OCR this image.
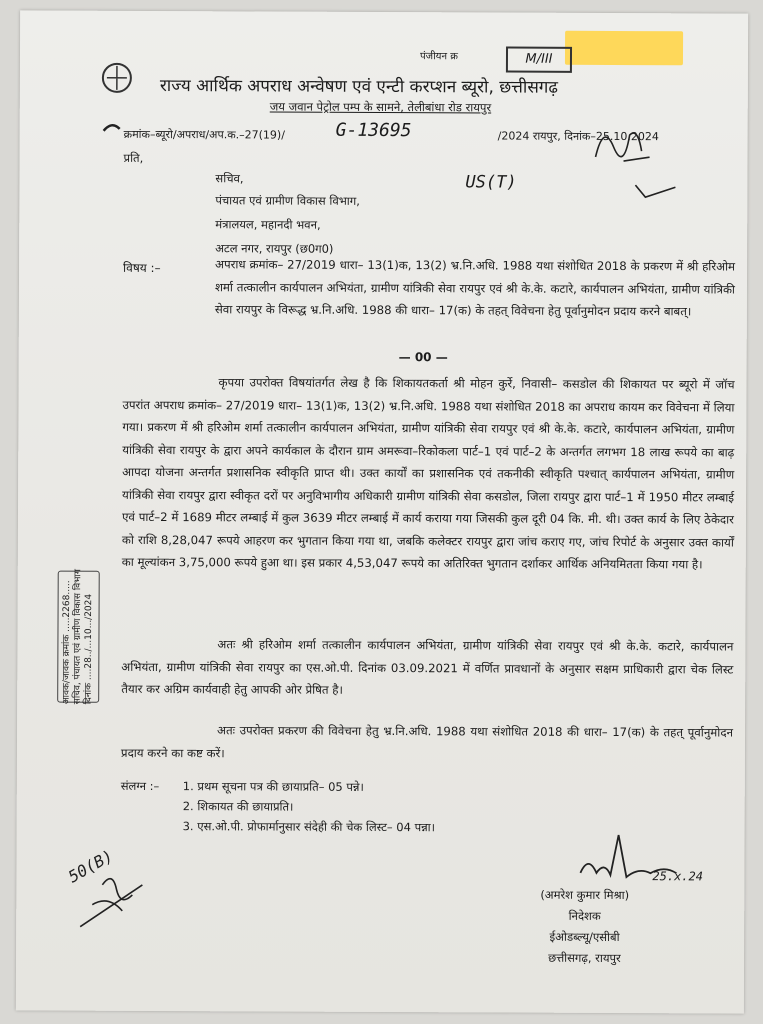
पंजीयन क्र	M/III
राज्य आर्थिक अपराध अन्वेषण एवं एन्टी करप्शन ब्यूरो, छत्तीसगढ़
जय जवान पेट्रोल पम्प के सामने, तेलीबांधा रोड रायपुर
क्रमांक–ब्यूरो/अपराध/अप.क.–27(19)/	G-13695	/2024 रायपुर, दिनांक–25.10.2024
प्रति,
सचिव,
पंचायत एवं ग्रामीण विकास विभाग,
मंत्रालयल, महानदी भवन,
अटल नगर, रायपुर (छ0ग0)
US(T)
विषय :–	अपराध क्रमांक– 27/2019 धारा– 13(1)क, 13(2) भ्र.नि.अधि. 1988 यथा संशोधित 2018 के प्रकरण में श्री हरिओम शर्मा तत्कालीन कार्यपालन अभियंता, ग्रामीण यांत्रिकी सेवा रायपुर एवं श्री के.के. कटारे, कार्यपालन अभियंता, ग्रामीण यांत्रिकी सेवा रायपुर के विरूद्ध भ्र.नि.अधि. 1988 की धारा– 17(क) के तहत् विवेचना हेतु पूर्वानुमोदन प्रदाय करने बाबत्।
— 00 —
कृपया उपरोक्त विषयांतर्गत लेख है कि शिकायतकर्ता श्री मोहन कुर्रे, निवासी– कसडोल की शिकायत पर ब्यूरो में जॉच उपरांत अपराध क्रमांक– 27/2019 धारा– 13(1)क, 13(2) भ्र.नि.अधि. 1988 यथा संशोधित 2018 का अपराध कायम कर विवेचना में लिया गया। प्रकरण में श्री हरिओम शर्मा तत्कालीन कार्यपालन अभियंता, ग्रामीण यांत्रिकी सेवा रायपुर एवं श्री के.के. कटारे, कार्यपालन अभियंता, ग्रामीण यांत्रिकी सेवा रायपुर के द्वारा अपने कार्यकाल के दौरान ग्राम अमरूवा–रिकोकला पार्ट–1 एवं पार्ट–2 के अन्तर्गत लगभग 18 लाख रूपये का बाढ़ आपदा योजना अन्तर्गत प्रशासनिक स्वीकृति प्राप्त थी। उक्त कार्यों का प्रशासनिक एवं तकनीकी स्वीकृति पश्चात् कार्यपालन अभियंता, ग्रामीण यांत्रिकी सेवा रायपुर द्वारा स्वीकृत दरों पर अनुविभागीय अधिकारी ग्रामीण यांत्रिकी सेवा कसडोल, जिला रायपुर द्वारा पार्ट–1 में 1950 मीटर लम्बाई एवं पार्ट–2 में 1689 मीटर लम्बाई में कुल 3639 मीटर लम्बाई में कार्य कराया गया जिसकी कुल दूरी 04 कि. मी. थी। उक्त कार्य के लिए ठेकेदार को राशि 8,28,047 रूपये आहरण कर भुगतान किया गया था, जबकि कलेक्टर रायपुर द्वारा जांच कराए गए, जांच रिपोर्ट के अनुसार उक्त कार्यों का मूल्यांकन 3,75,000 रूपये हुआ था। इस प्रकार 4,53,047 रूपये का अतिरिक्त भुगतान दर्शाकर आर्थिक अनियमितता किया गया है।
अतः श्री हरिओम शर्मा तत्कालीन कार्यपालन अभियंता, ग्रामीण यांत्रिकी सेवा रायपुर एवं श्री के.के. कटारे, कार्यपालन अभियंता, ग्रामीण यांत्रिकी सेवा रायपुर का एस.ओ.पी. दिनांक 03.09.2021 में वर्णित प्रावधानों के अनुसार सक्षम प्राधिकारी द्वारा चेक लिस्ट तैयार कर अग्रिम कार्यवाही हेतु आपकी ओर प्रेषित है।
अतः उपरोक्त प्रकरण की विवेचना हेतु भ्र.नि.अधि. 1988 यथा संशोधित 2018 की धारा– 17(क) के तहत् पूर्वानुमोदन प्रदाय करने का कष्ट करें।
आवक/जावक क्रमांक .....2268.....
सचिव, पंचायत एवं ग्रामीण विकास विभाग
दिनांक ....28../...10.../2024
संलग्न :– 1. प्रथम सूचना पत्र की छायाप्रति– 05 पन्ने।
2. शिकायत की छायाप्रति।
3. एस.ओ.पी. प्रोफार्मानुसार संदेही की चेक लिस्ट– 04 पन्ना।
50(B)	25.x.24
(अमरेश कुमार मिश्रा)
निदेशक
ईओडब्ल्यू/एसीबी
छत्तीसगढ़, रायपुर
